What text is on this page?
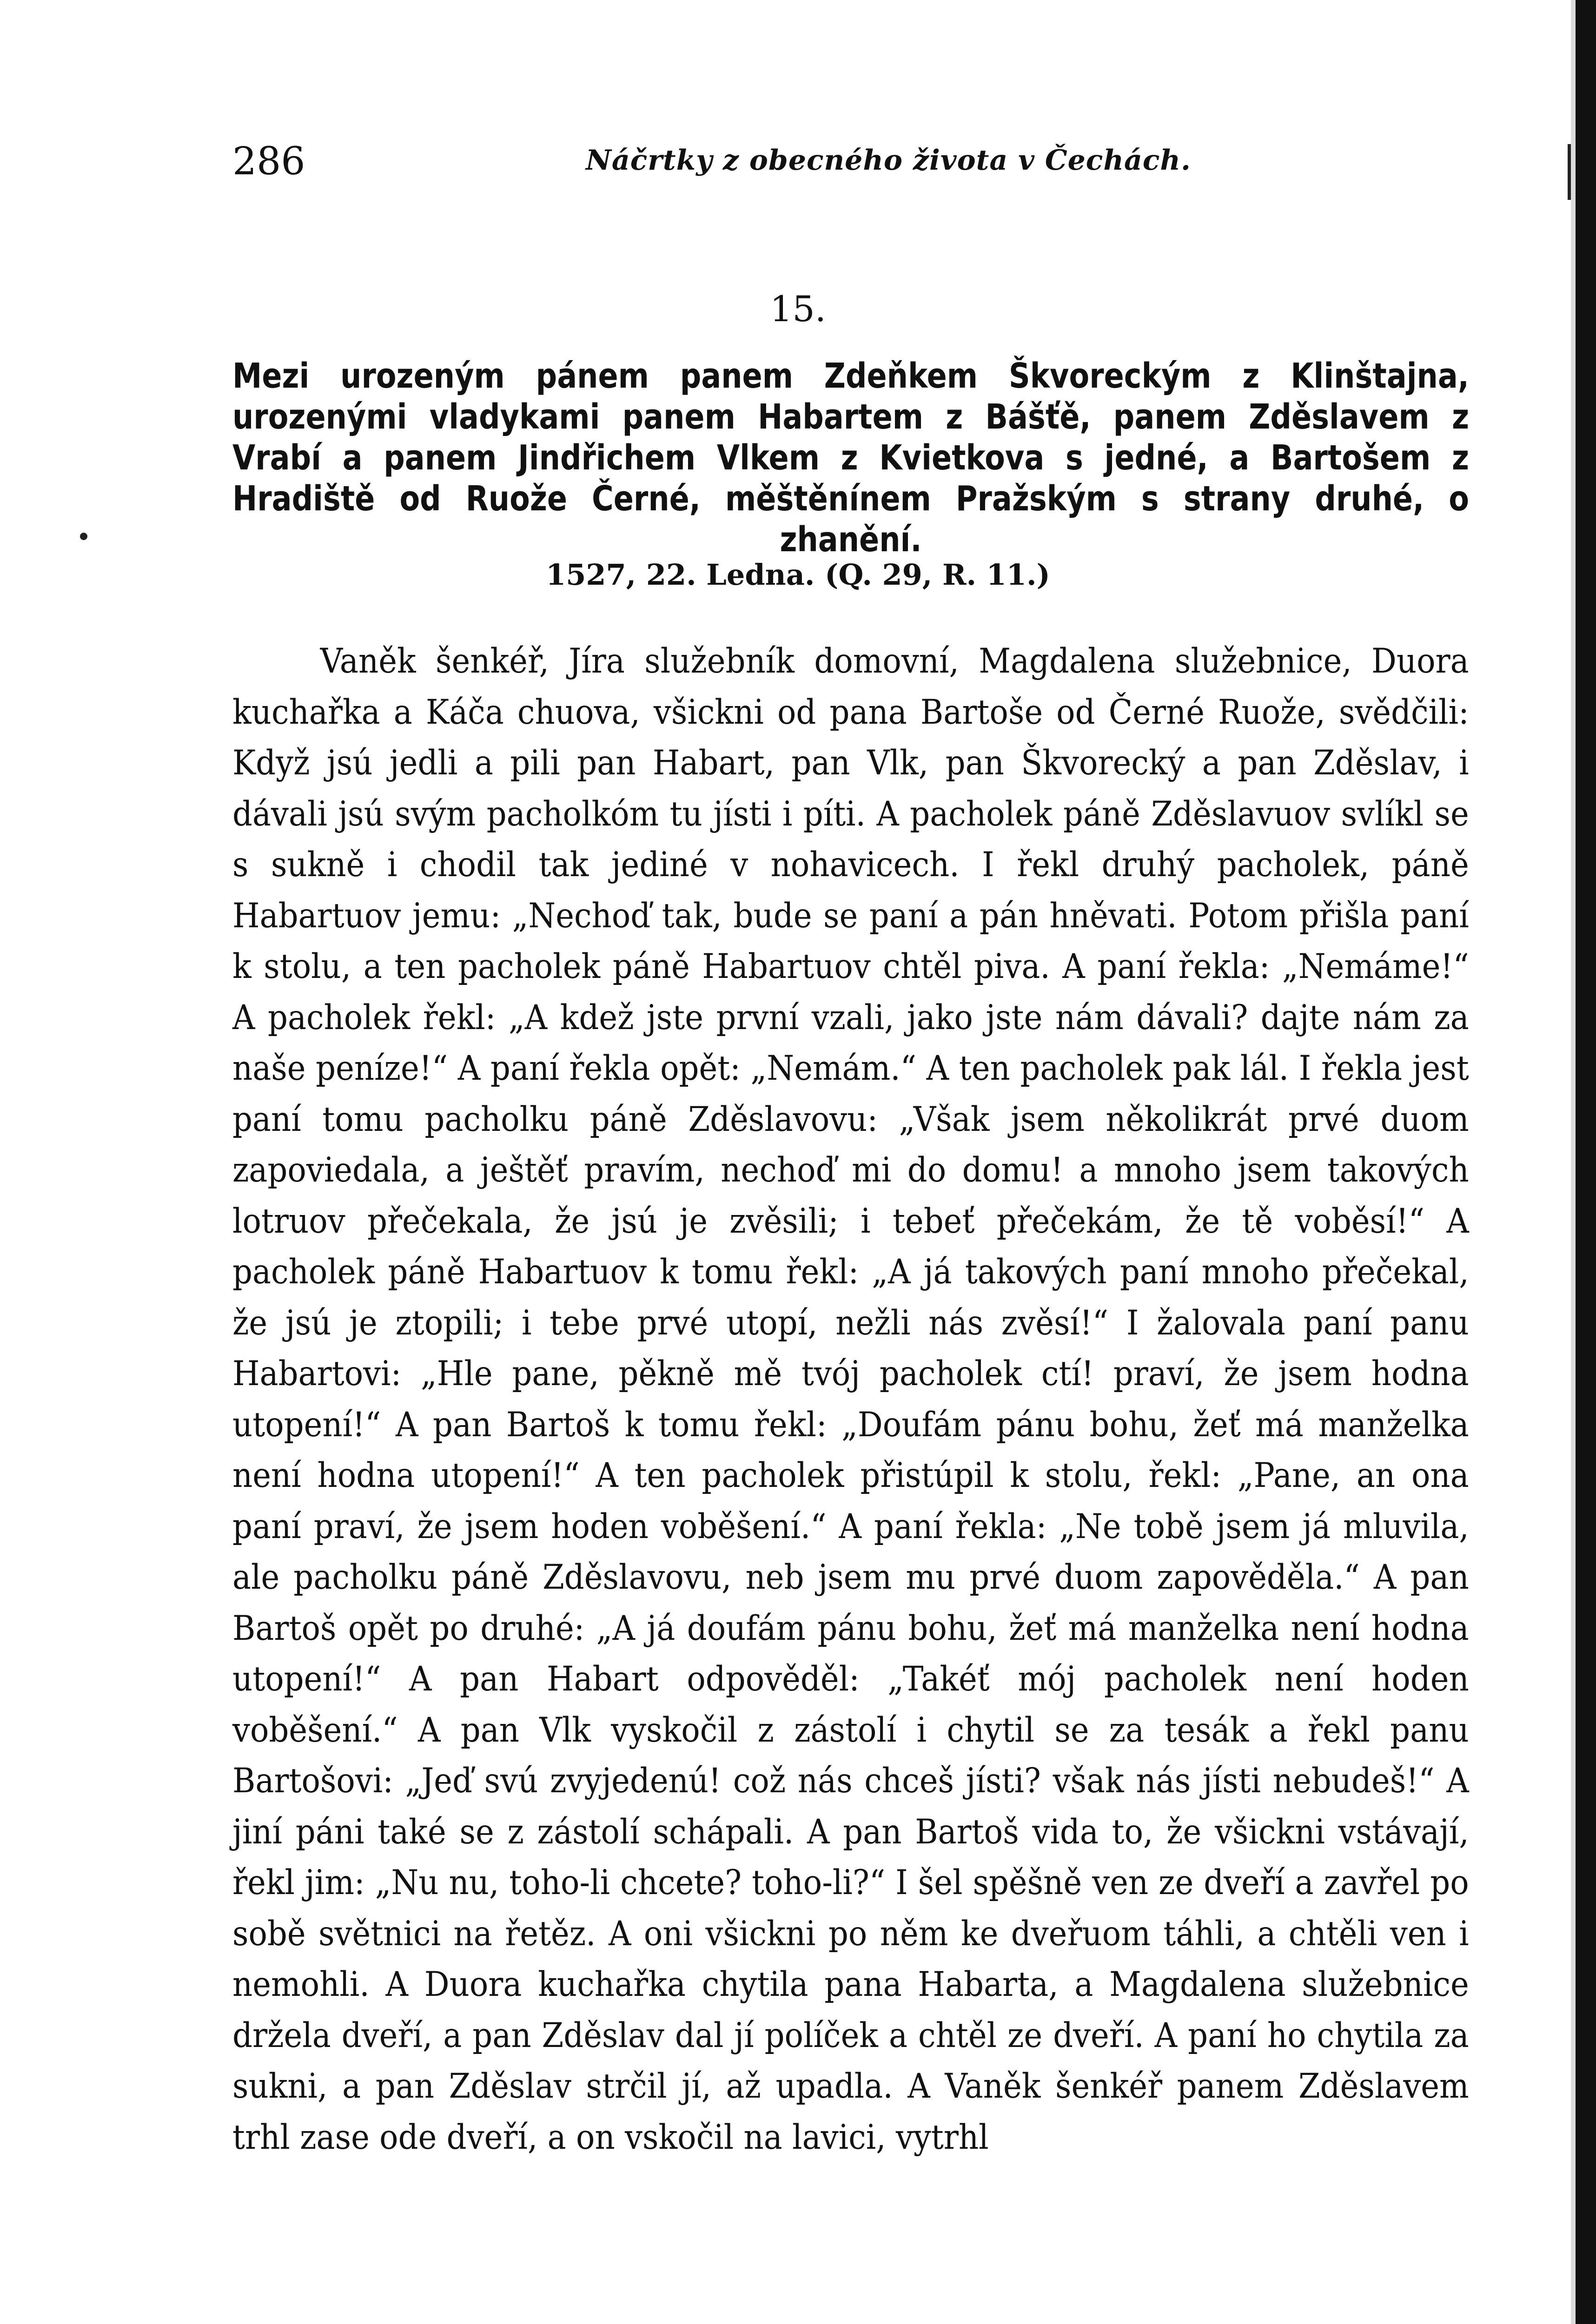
286	Náčrtky z obecného života v Čechách.
15.
Mezi urozeným pánem panem Zdeňkem Škvoreckým z Klinštajna, urozenými vladykami panem Habartem z Bášťě, panem Zděslavem z Vrabí a panem Jindřichem Vlkem z Kvietkova s jedné, a Bartošem z Hradiště od Ruože Černé, měštěnínem Pražským s strany druhé, o zhanění.
1527, 22. Ledna. (Q. 29, R. 11.)
Vaněk šenkéř, Jíra služebník domovní, Magdalena služebnice, Duora kuchařka a Káča chuova, všickni od pana Bartoše od Černé Ruože, svědčili: Když jsú jedli a pili pan Habart, pan Vlk, pan Škvorecký a pan Zděslav, i dávali jsú svým pacholkóm tu jísti i píti. A pacholek páně Zděslavuov svlíkl se s sukně i chodil tak jediné v nohavicech. I řekl druhý pacholek, páně Habartuov jemu: „Nechoď tak, bude se paní a pán hněvati. Potom přišla paní k stolu, a ten pacholek páně Habartuov chtěl piva. A paní řekla: „Nemáme!“ A pacholek řekl: „A kdež jste první vzali, jako jste nám dávali? dajte nám za naše peníze!“ A paní řekla opět: „Nemám.“ A ten pacholek pak lál. I řekla jest paní tomu pacholku páně Zděslavovu: „Však jsem několikrát prvé duom zapoviedala, a ještěť pravím, nechoď mi do domu! a mnoho jsem takových lotruov přečekala, že jsú je zvěsili; i tebeť přečekám, že tě voběsí!“ A pacholek páně Habartuov k tomu řekl: „A já takových paní mnoho přečekal, že jsú je ztopili; i tebe prvé utopí, nežli nás zvěsí!“ I žalovala paní panu Habartovi: „Hle pane, pěkně mě tvój pacholek ctí! praví, že jsem hodna utopení!“ A pan Bartoš k tomu řekl: „Doufám pánu bohu, žeť má manželka není hodna utopení!“ A ten pacholek přistúpil k stolu, řekl: „Pane, an ona paní praví, že jsem hoden voběšení.“ A paní řekla: „Ne tobě jsem já mluvila, ale pacholku páně Zděslavovu, neb jsem mu prvé duom zapověděla.“ A pan Bartoš opět po druhé: „A já doufám pánu bohu, žeť má manželka není hodna utopení!“ A pan Habart odpověděl: „Takéť mój pacholek není hoden voběšení.“ A pan Vlk vyskočil z zástolí i chytil se za tesák a řekl panu Bartošovi: „Jeď svú zvyjedenú! což nás chceš jísti? však nás jísti nebudeš!“ A jiní páni také se z zástolí schápali. A pan Bartoš vida to, že všickni vstávají, řekl jim: „Nu nu, toho-li chcete? toho-li?“ I šel spěšně ven ze dveří a zavřel po sobě světnici na řetěz. A oni všickni po něm ke dveřuom táhli, a chtěli ven i nemohli. A Duora kuchařka chytila pana Habarta, a Magdalena služebnice držela dveří, a pan Zděslav dal jí políček a chtěl ze dveří. A paní ho chytila za sukni, a pan Zděslav strčil jí, až upadla. A Vaněk šenkéř panem Zděslavem trhl zase ode dveří, a on vskočil na lavici, vytrhl
